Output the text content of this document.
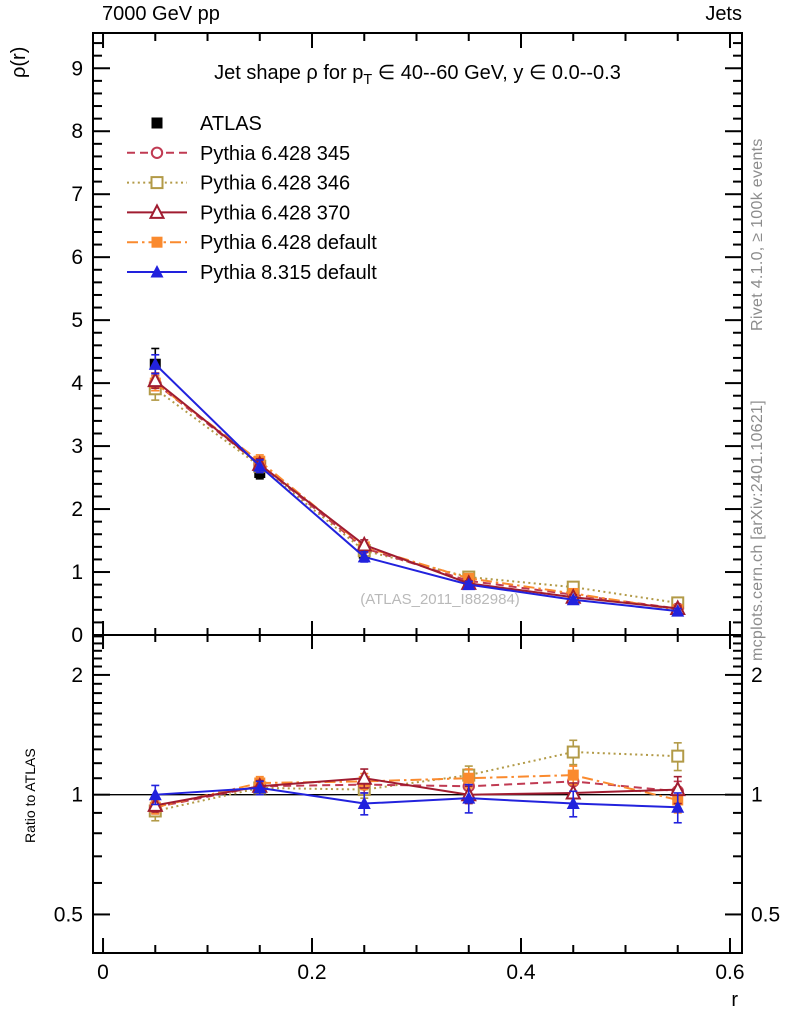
0	0.2	0.4	0.6
r
0
1
2
3
4
5
6
7
8
9
0.5	0.5
1	1
2	2
ATLAS
Pythia 6.428 345
Pythia 6.428 346
Pythia 6.428 370
Pythia 6.428 default
Pythia 8.315 default
7000 GeV pp	Jets
Jet shape ρ for $p_T$ ∈ 40--60 GeV, y ∈ 0.0--0.3
ρ(r)
Ratio to ATLAS
Rivet 4.1.0, ≥ 100k events
mcplots.cern.ch [arXiv:2401.10621]
(ATLAS_2011_I882984)
